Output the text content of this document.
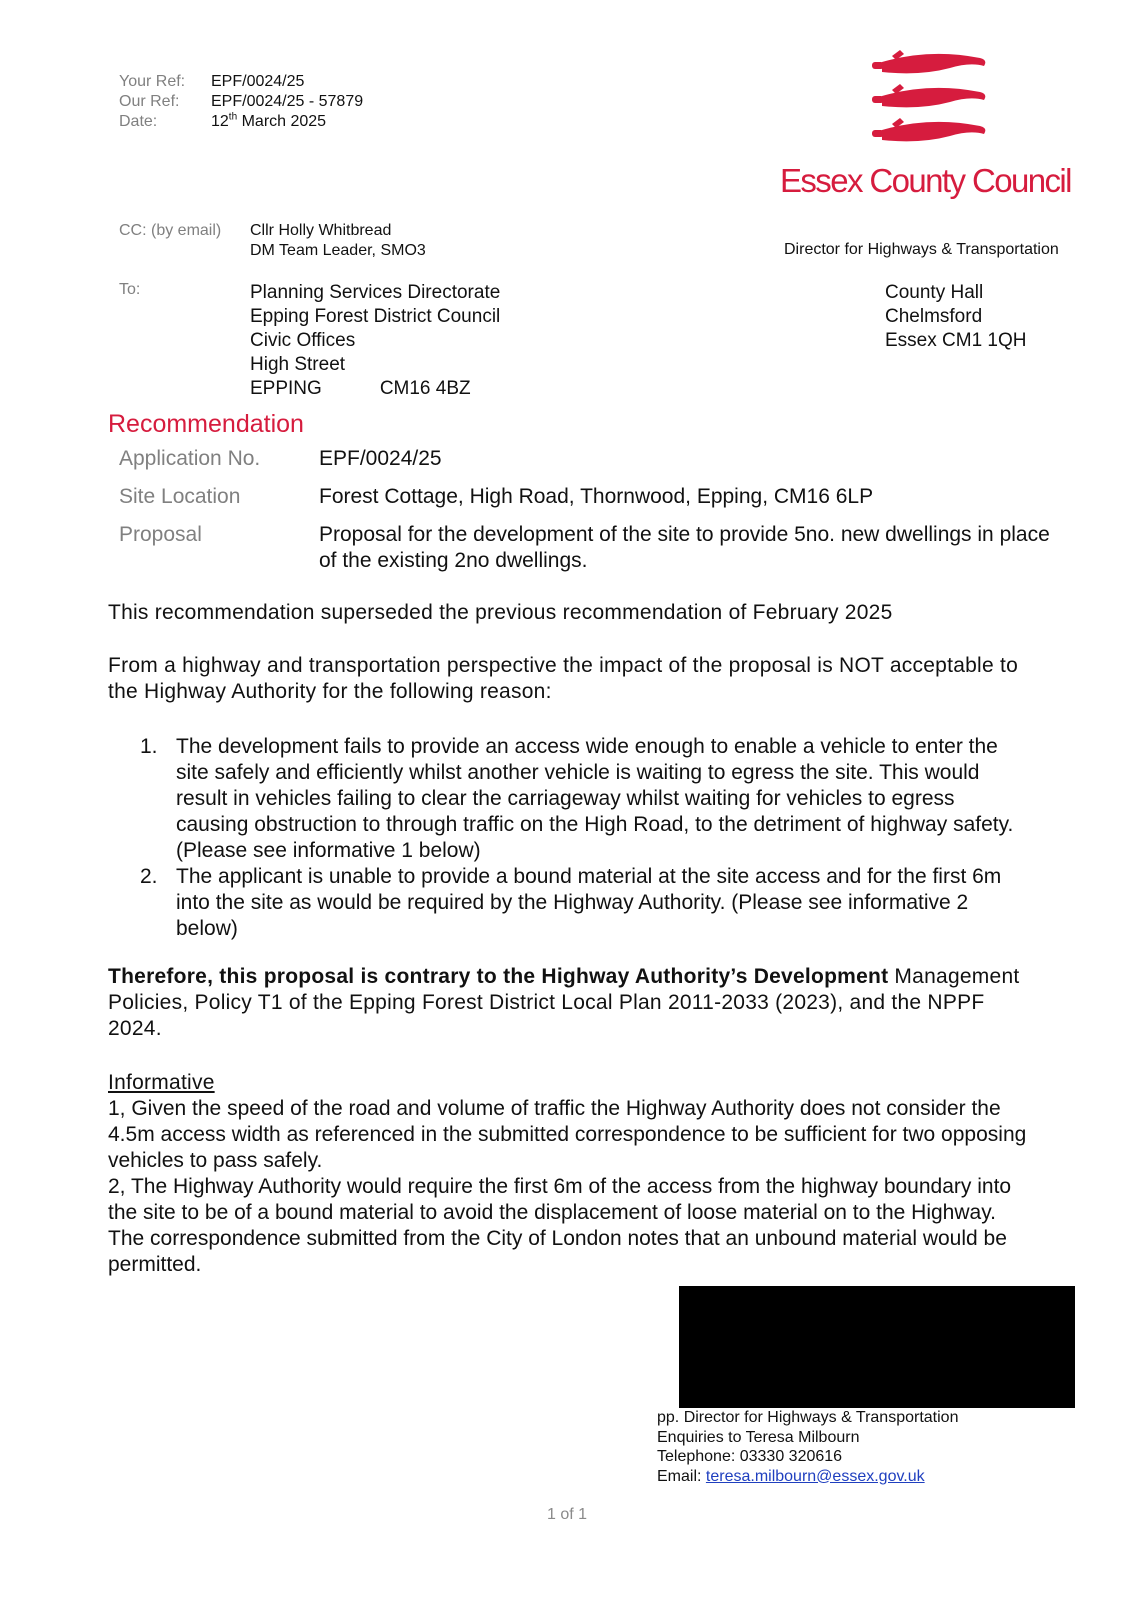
Your Ref:	EPF/0024/25
Our Ref:	EPF/0024/25 - 57879
Date:	12th March 2025
Essex County Council
CC: (by email)	Cllr Holly Whitbread
DM Team Leader, SMO3	Director for Highways & Transportation
To:	Planning Services Directorate
Epping Forest District Council
Civic Offices
High Street
EPPING	CM16 4BZ
County Hall
Chelmsford
Essex CM1 1QH
Recommendation
Application No.	EPF/0024/25
Site Location	Forest Cottage, High Road, Thornwood, Epping, CM16 6LP
Proposal	Proposal for the development of the site to provide 5no. new dwellings in place of the existing 2no dwellings.
This recommendation superseded the previous recommendation of February 2025
From a highway and transportation perspective the impact of the proposal is NOT acceptable to the Highway Authority for the following reason:
1. The development fails to provide an access wide enough to enable a vehicle to enter the site safely and efficiently whilst another vehicle is waiting to egress the site. This would result in vehicles failing to clear the carriageway whilst waiting for vehicles to egress causing obstruction to through traffic on the High Road, to the detriment of highway safety. (Please see informative 1 below)
2. The applicant is unable to provide a bound material at the site access and for the first 6m into the site as would be required by the Highway Authority. (Please see informative 2 below)
Therefore, this proposal is contrary to the Highway Authority’s Development Management Policies, Policy T1 of the Epping Forest District Local Plan 2011-2033 (2023), and the NPPF 2024.
Informative
1, Given the speed of the road and volume of traffic the Highway Authority does not consider the 4.5m access width as referenced in the submitted correspondence to be sufficient for two opposing vehicles to pass safely.
2, The Highway Authority would require the first 6m of the access from the highway boundary into the site to be of a bound material to avoid the displacement of loose material on to the Highway. The correspondence submitted from the City of London notes that an unbound material would be permitted.
pp. Director for Highways & Transportation
Enquiries to Teresa Milbourn
Telephone: 03330 320616
Email: teresa.milbourn@essex.gov.uk
1 of 1
